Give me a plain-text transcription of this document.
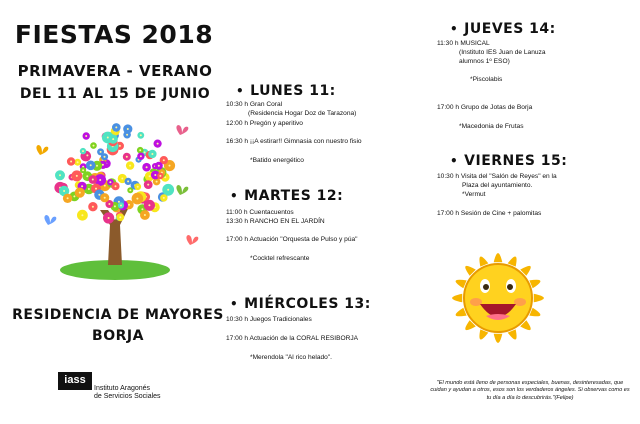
FIESTAS 2018
PRIMAVERA - VERANO
DEL 11 AL 15 DE JUNIO
RESIDENCIA DE MAYORES
BORJA
iass
Instituto Aragonés
de Servicios Sociales
• LUNES 11:
10:30 h Gran Coral
(Residencia Hogar Doz de Tarazona)
12:00 h Pregón y aperitivo
16:30 h ¡¡A estirar!! Gimnasia con nuestro fisio
*Batido energético
• MARTES 12:
11:00 h Cuentacuentos
13:30 h RANCHO EN EL JARDÍN
17:00 h Actuación "Orquesta de Pulso y púa"
*Cocktel refrescante
• MIÉRCOLES 13:
10:30 h Juegos Tradicionales
17:00 h Actuación de la CORAL RESIBORJA
*Merendola "Al rico helado".
• JUEVES 14:
11:30 h MUSICAL
(Instituto IES Juan de Lanuza
alumnos 1º ESO)
*Piscolabis
17:00 h Grupo de Jotas de Borja
*Macedonia de Frutas
• VIERNES 15:
10:30 h Visita del "Salón de Reyes" en la
Plaza del ayuntamiento.
*Vermut
17:00 h Sesión de Cine + palomitas
"El mundo está lleno de personas especiales, buenas, desinteresadas, que cuidan y ayudan a otros, esos son los verdaderos ángeles. Si observas como es tu día a día lo descubrirás."(Felipe)
